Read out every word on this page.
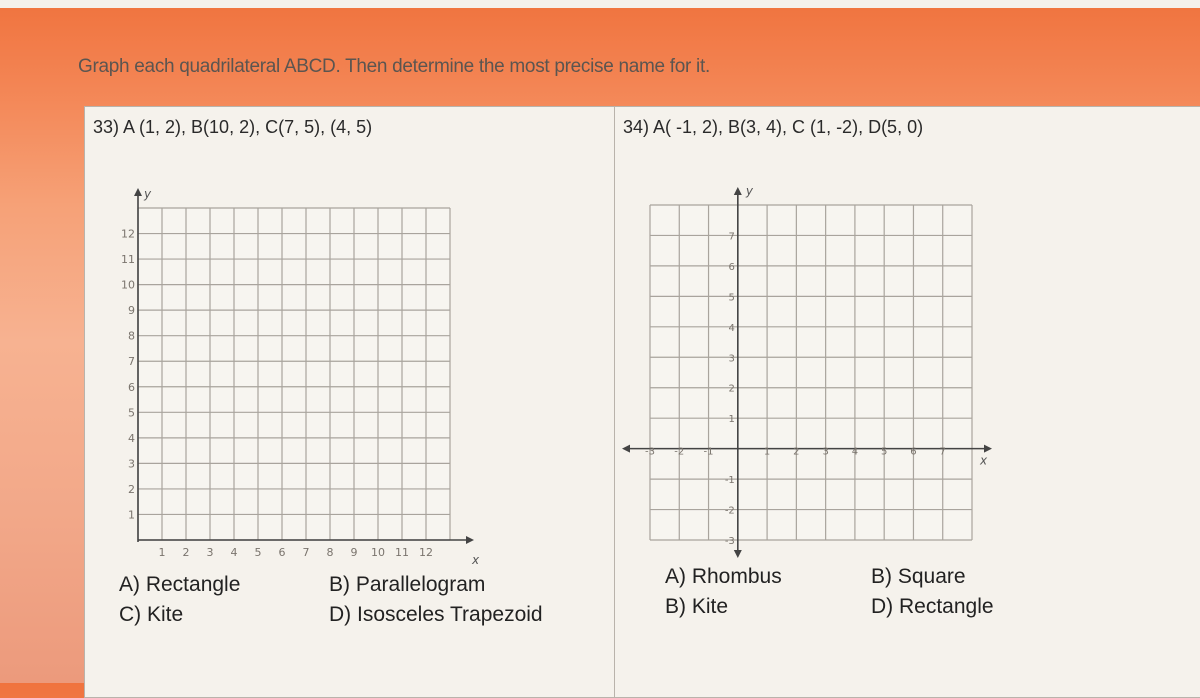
Graph each quadrilateral ABCD. Then determine the most precise name for it.
33) A (1, 2), B(10, 2), C(7, 5), (4, 5)
A) Rectangle	B) Parallelogram
C) Kite	D) Isosceles Trapezoid
34) A( -1, 2), B(3, 4), C (1, -2), D(5, 0)
A) Rhombus	B) Square
B) Kite	D) Rectangle
y
x
1
2
3
4
5
6
7
8
9
10
11
12
1 2 3 4 5 6 7 8 9 10 11 12
y
x
-3
-2
-1
1
2
3
4
5
6
7
-3 -2 -1	1 2 3 4 5 6 7
